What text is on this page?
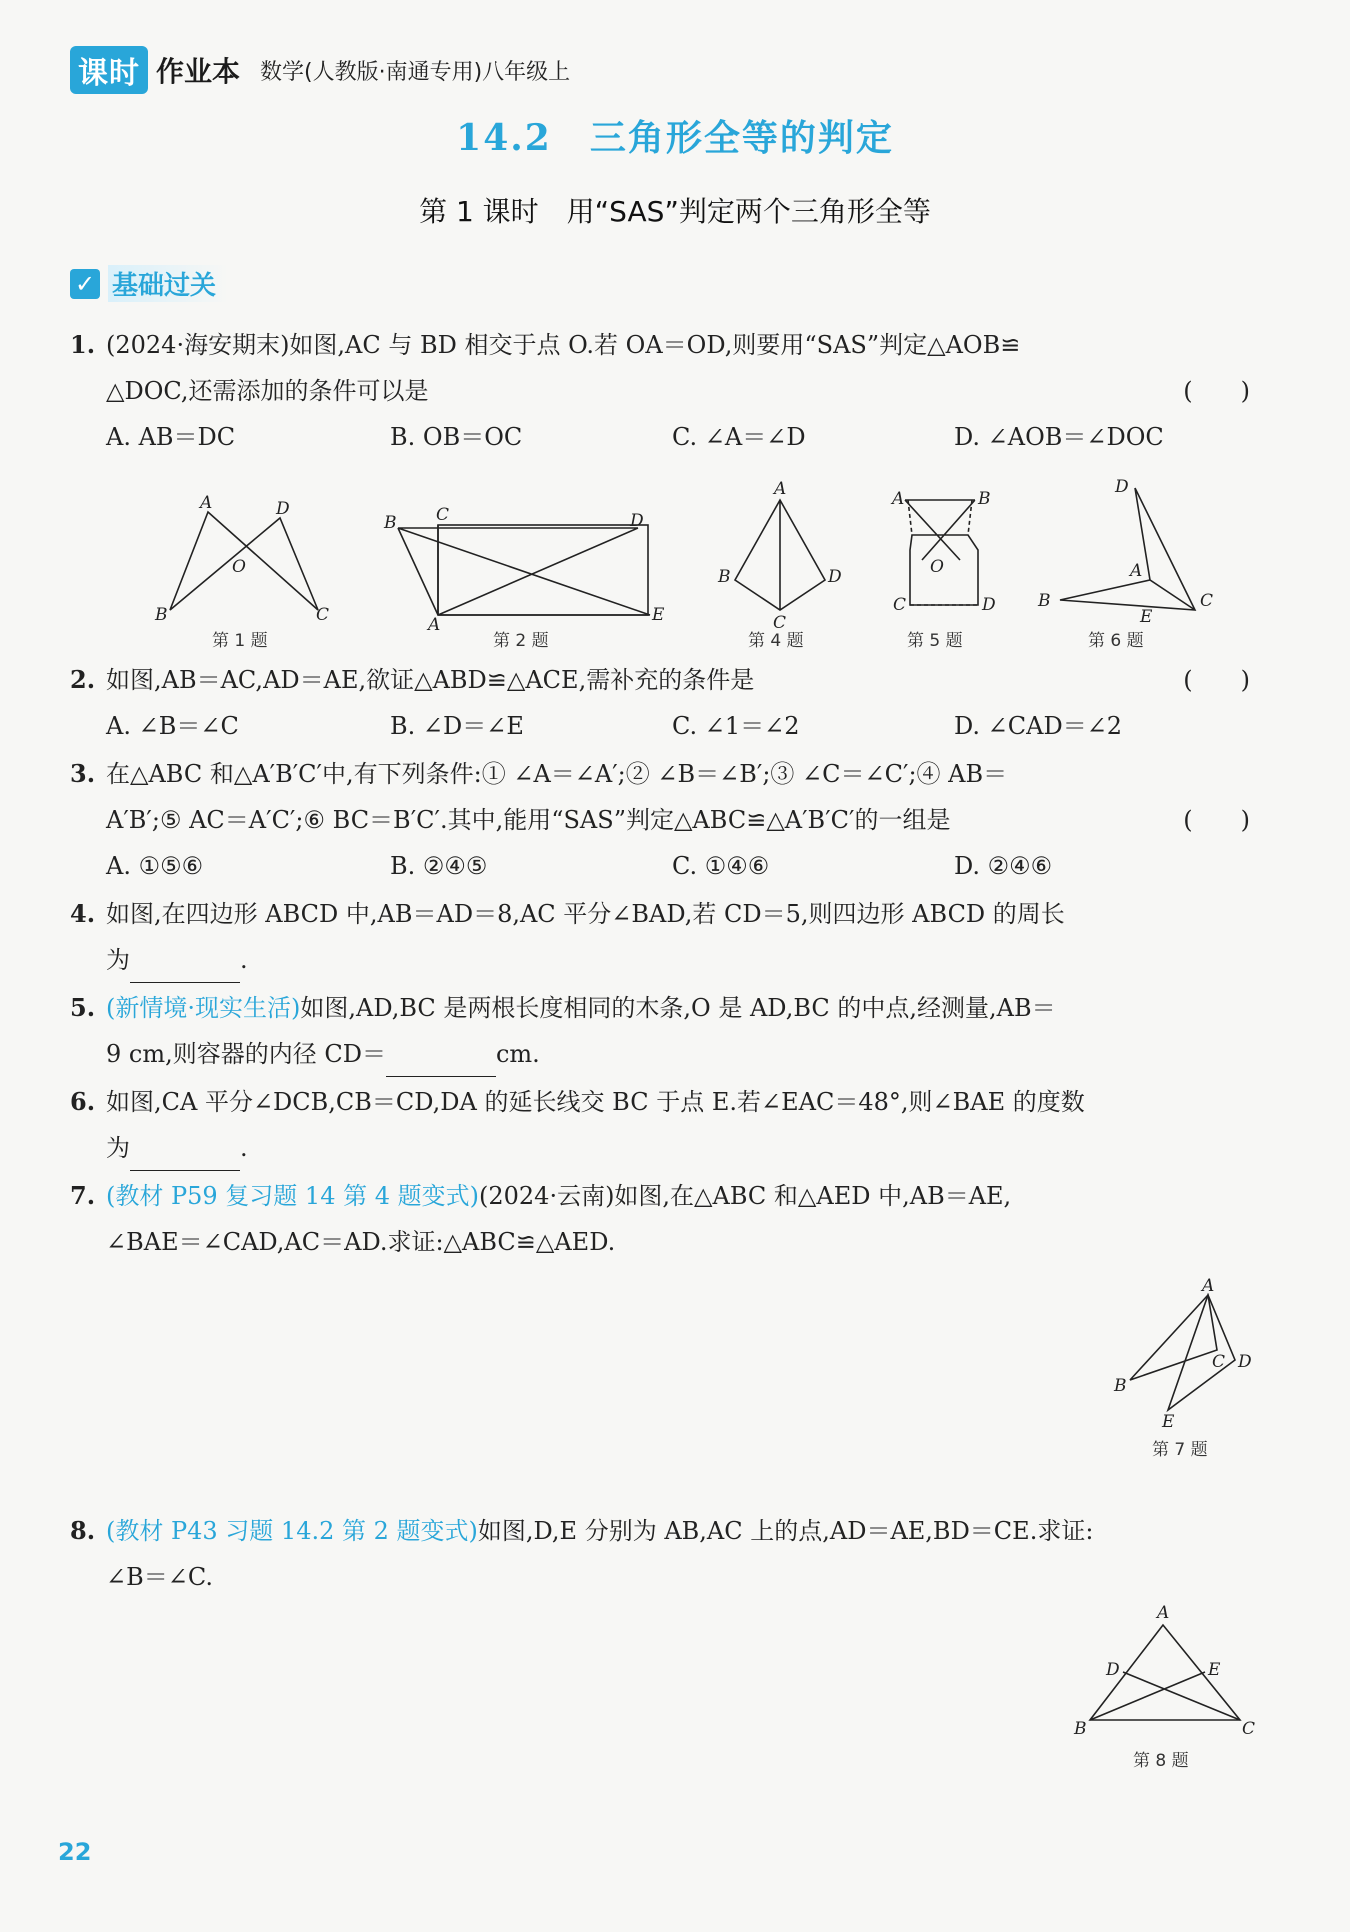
课时 作业本 数学(人教版·南通专用)八年级上
14.2　三角形全等的判定
第 1 课时　用“SAS”判定两个三角形全等
✓ 基础过关
1. (2024·海安期末)如图,AC 与 BD 相交于点 O.若 OA＝OD,则要用“SAS”判定△AOB≌
△DOC,还需添加的条件可以是	(　　)
A. AB＝DC	B. OB＝OC	C. ∠A＝∠D	D. ∠AOB＝∠DOC
A	D
O
B	C
第 1 题
B C	D
A	E
第 2 题
A
B	D
C
第 4 题
A	B
O
C	D
第 5 题
D
A
B
E
C
第 6 题
2. 如图,AB＝AC,AD＝AE,欲证△ABD≌△ACE,需补充的条件是	(　　)
A. ∠B＝∠C	B. ∠D＝∠E	C. ∠1＝∠2	D. ∠CAD＝∠2
3. 在△ABC 和△A′B′C′中,有下列条件:① ∠A＝∠A′;② ∠B＝∠B′;③ ∠C＝∠C′;④ AB＝
A′B′;⑤ AC＝A′C′;⑥ BC＝B′C′.其中,能用“SAS”判定△ABC≌△A′B′C′的一组是	(　　)
A. ①⑤⑥	B. ②④⑤	C. ①④⑥	D. ②④⑥
4. 如图,在四边形 ABCD 中,AB＝AD＝8,AC 平分∠BAD,若 CD＝5,则四边形 ABCD 的周长
为	.
5. (新情境·现实生活)如图,AD,BC 是两根长度相同的木条,O 是 AD,BC 的中点,经测量,AB＝
9 cm,则容器的内径 CD＝	cm.
6. 如图,CA 平分∠DCB,CB＝CD,DA 的延长线交 BC 于点 E.若∠EAC＝48°,则∠BAE 的度数
为	.
7. (教材 P59 复习题 14 第 4 题变式)(2024·云南)如图,在△ABC 和△AED 中,AB＝AE,
∠BAE＝∠CAD,AC＝AD.求证:△ABC≌△AED.
A
B
C D
E
第 7 题
8. (教材 P43 习题 14.2 第 2 题变式)如图,D,E 分别为 AB,AC 上的点,AD＝AE,BD＝CE.求证:
∠B＝∠C.
A
D	E
B	C
第 8 题
22
